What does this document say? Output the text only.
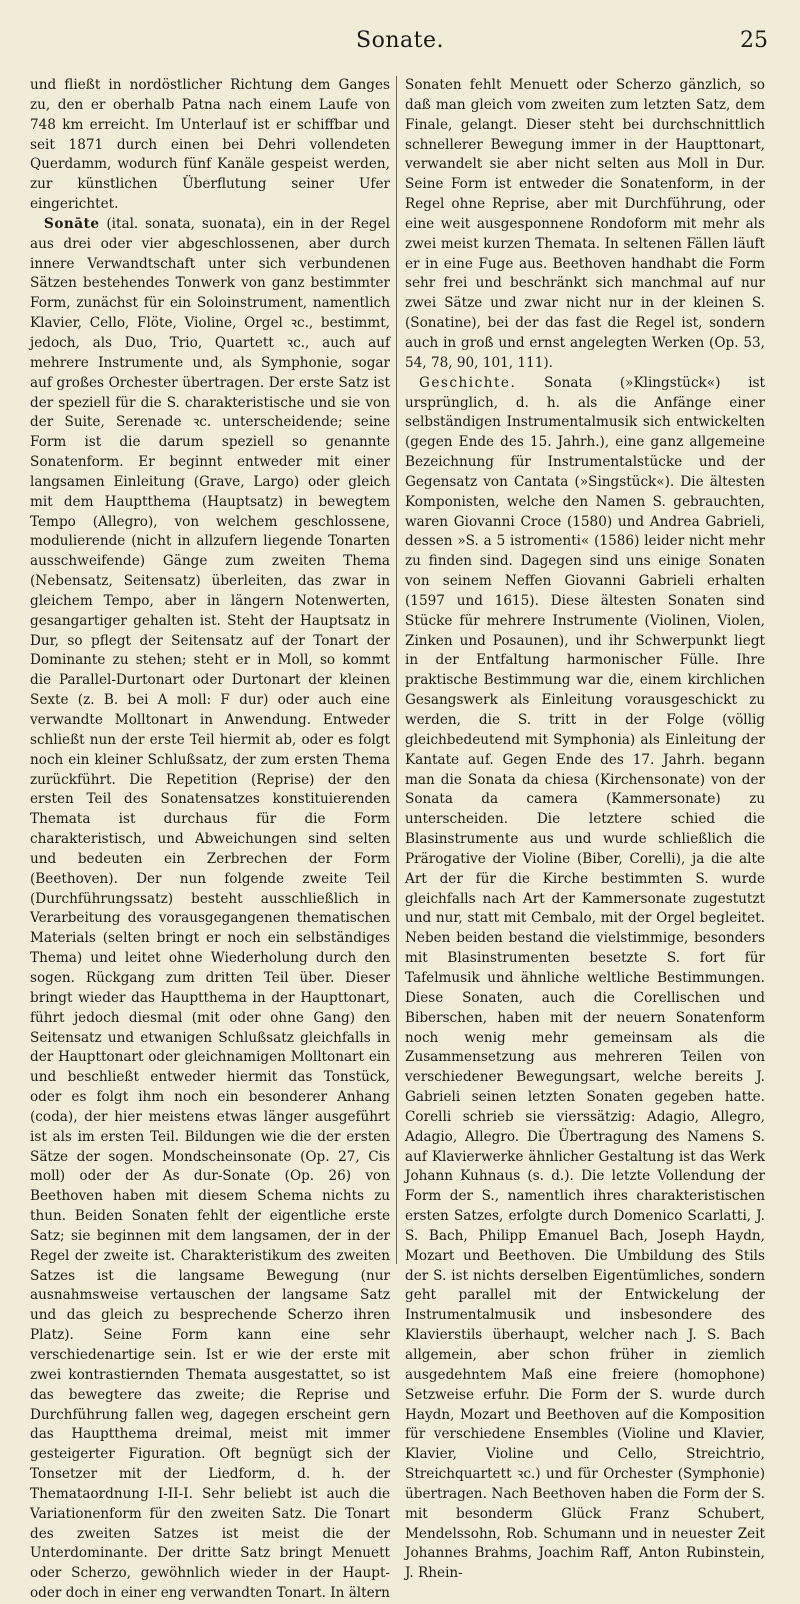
Sonate.	25

und fließt in nordöstlicher Richtung dem Ganges zu, den er oberhalb Patna nach einem Laufe von 748 km erreicht. Im Unterlauf ist er schiffbar und seit 1871 durch einen bei Dehri vollendeten Querdamm, wodurch fünf Kanäle gespeist werden, zur künstlichen Überflutung seiner Ufer eingerichtet.

Sonāte (ital. sonata, suonata), ein in der Regel aus drei oder vier abgeschlossenen, aber durch innere Verwandtschaft unter sich verbundenen Sätzen bestehendes Tonwerk von ganz bestimmter Form, zunächst für ein Soloinstrument, namentlich Klavier, Cello, Flöte, Violine, Orgel ꝛc., bestimmt, jedoch, als Duo, Trio, Quartett ꝛc., auch auf mehrere Instrumente und, als Symphonie, sogar auf großes Orchester übertragen. Der erste Satz ist der speziell für die S. charakteristische und sie von der Suite, Serenade ꝛc. unterscheidende; seine Form ist die darum speziell so genannte Sonatenform. Er beginnt entweder mit einer langsamen Einleitung (Grave, Largo) oder gleich mit dem Hauptthema (Hauptsatz) in bewegtem Tempo (Allegro), von welchem geschlossene, modulierende (nicht in allzufern liegende Tonarten ausschweifende) Gänge zum zweiten Thema (Nebensatz, Seitensatz) überleiten, das zwar in gleichem Tempo, aber in längern Notenwerten, gesangartiger gehalten ist. Steht der Hauptsatz in Dur, so pflegt der Seitensatz auf der Tonart der Dominante zu stehen; steht er in Moll, so kommt die Parallel-Durtonart oder Durtonart der kleinen Sexte (z. B. bei A moll: F dur) oder auch eine verwandte Molltonart in Anwendung. Entweder schließt nun der erste Teil hiermit ab, oder es folgt noch ein kleiner Schlußsatz, der zum ersten Thema zurückführt. Die Repetition (Reprise) der den ersten Teil des Sonatensatzes konstituierenden Themata ist durchaus für die Form charakteristisch, und Abweichungen sind selten und bedeuten ein Zerbrechen der Form (Beethoven). Der nun folgende zweite Teil (Durchführungssatz) besteht ausschließlich in Verarbeitung des vorausgegangenen thematischen Materials (selten bringt er noch ein selbständiges Thema) und leitet ohne Wiederholung durch den sogen. Rückgang zum dritten Teil über. Dieser bringt wieder das Hauptthema in der Haupttonart, führt jedoch diesmal (mit oder ohne Gang) den Seitensatz und etwanigen Schlußsatz gleichfalls in der Haupttonart oder gleichnamigen Molltonart ein und beschließt entweder hiermit das Tonstück, oder es folgt ihm noch ein besonderer Anhang (coda), der hier meistens etwas länger ausgeführt ist als im ersten Teil. Bildungen wie die der ersten Sätze der sogen. Mondscheinsonate (Op. 27, Cis moll) oder der As dur-Sonate (Op. 26) von Beethoven haben mit diesem Schema nichts zu thun. Beiden Sonaten fehlt der eigentliche erste Satz; sie beginnen mit dem langsamen, der in der Regel der zweite ist. Charakteristikum des zweiten Satzes ist die langsame Bewegung (nur ausnahmsweise vertauschen der langsame Satz und das gleich zu besprechende Scherzo ihren Platz). Seine Form kann eine sehr verschiedenartige sein. Ist er wie der erste mit zwei kontrastiernden Themata ausgestattet, so ist das bewegtere das zweite; die Reprise und Durchführung fallen weg, dagegen erscheint gern das Hauptthema dreimal, meist mit immer gesteigerter Figuration. Oft begnügt sich der Tonsetzer mit der Liedform, d. h. der Themataordnung I-II-I. Sehr beliebt ist auch die Variationenform für den zweiten Satz. Die Tonart des zweiten Satzes ist meist die der Unterdominante. Der dritte Satz bringt Menuett oder Scherzo, gewöhnlich wieder in der Haupt- oder doch in einer eng verwandten Tonart. In ältern

Sonaten fehlt Menuett oder Scherzo gänzlich, so daß man gleich vom zweiten zum letzten Satz, dem Finale, gelangt. Dieser steht bei durchschnittlich schnellerer Bewegung immer in der Haupttonart, verwandelt sie aber nicht selten aus Moll in Dur. Seine Form ist entweder die Sonatenform, in der Regel ohne Reprise, aber mit Durchführung, oder eine weit ausgesponnene Rondoform mit mehr als zwei meist kurzen Themata. In seltenen Fällen läuft er in eine Fuge aus. Beethoven handhabt die Form sehr frei und beschränkt sich manchmal auf nur zwei Sätze und zwar nicht nur in der kleinen S. (Sonatine), bei der das fast die Regel ist, sondern auch in groß und ernst angelegten Werken (Op. 53, 54, 78, 90, 101, 111).

Geschichte. Sonata (»Klingstück«) ist ursprünglich, d. h. als die Anfänge einer selbständigen Instrumentalmusik sich entwickelten (gegen Ende des 15. Jahrh.), eine ganz allgemeine Bezeichnung für Instrumentalstücke und der Gegensatz von Cantata (»Singstück«). Die ältesten Komponisten, welche den Namen S. gebrauchten, waren Giovanni Croce (1580) und Andrea Gabrieli, dessen »S. a 5 istromenti« (1586) leider nicht mehr zu finden sind. Dagegen sind uns einige Sonaten von seinem Neffen Giovanni Gabrieli erhalten (1597 und 1615). Diese ältesten Sonaten sind Stücke für mehrere Instrumente (Violinen, Violen, Zinken und Posaunen), und ihr Schwerpunkt liegt in der Entfaltung harmonischer Fülle. Ihre praktische Bestimmung war die, einem kirchlichen Gesangswerk als Einleitung vorausgeschickt zu werden, die S. tritt in der Folge (völlig gleichbedeutend mit Symphonia) als Einleitung der Kantate auf. Gegen Ende des 17. Jahrh. begann man die Sonata da chiesa (Kirchensonate) von der Sonata da camera (Kammersonate) zu unterscheiden. Die letztere schied die Blasinstrumente aus und wurde schließlich die Prärogative der Violine (Biber, Corelli), ja die alte Art der für die Kirche bestimmten S. wurde gleichfalls nach Art der Kammersonate zugestutzt und nur, statt mit Cembalo, mit der Orgel begleitet. Neben beiden bestand die vielstimmige, besonders mit Blasinstrumenten besetzte S. fort für Tafelmusik und ähnliche weltliche Bestimmungen. Diese Sonaten, auch die Corellischen und Biberschen, haben mit der neuern Sonatenform noch wenig mehr gemeinsam als die Zusammensetzung aus mehreren Teilen von verschiedener Bewegungsart, welche bereits J. Gabrieli seinen letzten Sonaten gegeben hatte. Corelli schrieb sie vierssätzig: Adagio, Allegro, Adagio, Allegro. Die Übertragung des Namens S. auf Klavierwerke ähnlicher Gestaltung ist das Werk Johann Kuhnaus (s. d.). Die letzte Vollendung der Form der S., namentlich ihres charakteristischen ersten Satzes, erfolgte durch Domenico Scarlatti, J. S. Bach, Philipp Emanuel Bach, Joseph Haydn, Mozart und Beethoven. Die Umbildung des Stils der S. ist nichts derselben Eigentümliches, sondern geht parallel mit der Entwickelung der Instrumentalmusik und insbesondere des Klavierstils überhaupt, welcher nach J. S. Bach allgemein, aber schon früher in ziemlich ausgedehntem Maß eine freiere (homophone) Setzweise erfuhr. Die Form der S. wurde durch Haydn, Mozart und Beethoven auf die Komposition für verschiedene Ensembles (Violine und Klavier, Klavier, Violine und Cello, Streichtrio, Streichquartett ꝛc.) und für Orchester (Symphonie) übertragen. Nach Beethoven haben die Form der S. mit besonderm Glück Franz Schubert, Mendelssohn, Rob. Schumann und in neuester Zeit Johannes Brahms, Joachim Raff, Anton Rubinstein, J. Rhein-
